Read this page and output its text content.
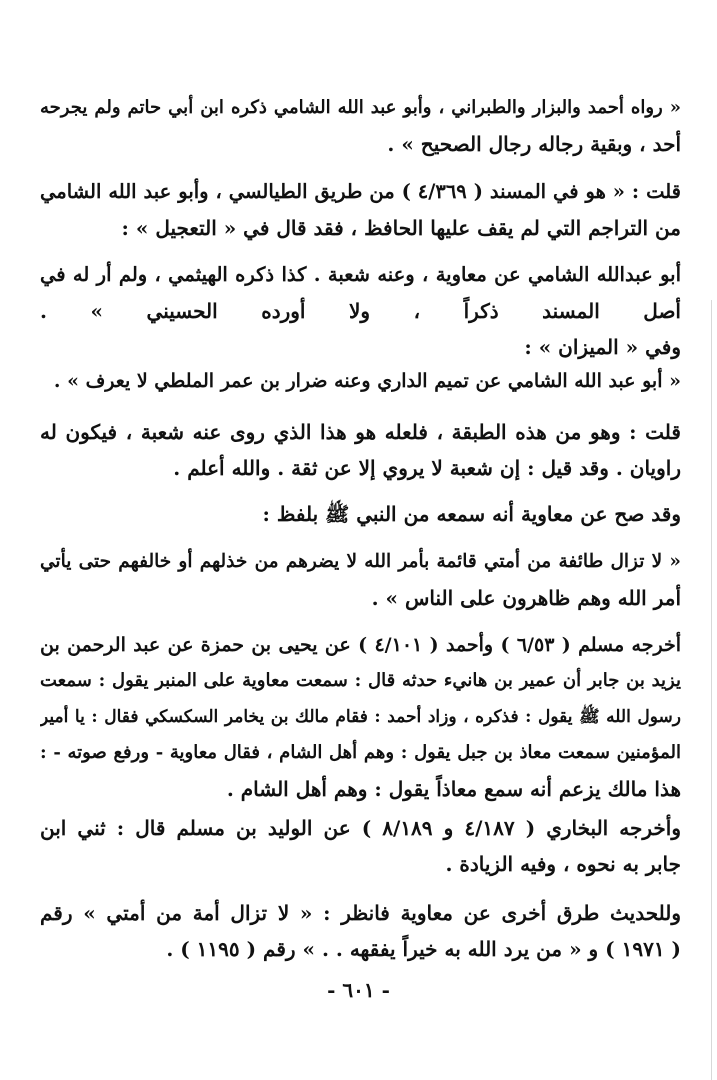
« رواه أحمد والبزار والطبراني ، وأبو عبد الله الشامي ذكره ابن أبي حاتم ولم يجرحه
أحد ، وبقية رجاله رجال الصحيح » .
قلت : « هو في المسند ( ٤/٣٦٩ ) من طريق الطيالسي ، وأبو عبد الله الشامي
من التراجم التي لم يقف عليها الحافظ ، فقد قال في « التعجيل » :
أبو عبدالله الشامي عن معاوية ، وعنه شعبة . كذا ذكره الهيثمي ، ولم أر له في
أصل المسند ذكراً ، ولا أورده الحسيني » .
وفي « الميزان » :
« أبو عبد الله الشامي عن تميم الداري وعنه ضرار بن عمر الملطي لا يعرف » .
قلت : وهو من هذه الطبقة ، فلعله هو هذا الذي روى عنه شعبة ، فيكون له
راويان . وقد قيل : إن شعبة لا يروي إلا عن ثقة . والله أعلم .
وقد صح عن معاوية أنه سمعه من النبي ﷺ بلفظ :
« لا تزال طائفة من أمتي قائمة بأمر الله لا يضرهم من خذلهم أو خالفهم حتى يأتي
أمر الله وهم ظاهرون على الناس » .
أخرجه مسلم ( ٦/٥٣ ) وأحمد ( ٤/١٠١ ) عن يحيى بن حمزة عن عبد الرحمن بن
يزيد بن جابر أن عمير بن هانيء حدثه قال : سمعت معاوية على المنبر يقول : سمعت
رسول الله ﷺ يقول : فذكره ، وزاد أحمد : فقام مالك بن يخامر السكسكي فقال : يا أمير
المؤمنين سمعت معاذ بن جبل يقول : وهم أهل الشام ، فقال معاوية - ورفع صوته - :
هذا مالك يزعم أنه سمع معاذاً يقول : وهم أهل الشام .
وأخرجه البخاري ( ٤/١٨٧ و ٨/١٨٩ ) عن الوليد بن مسلم قال : ثني ابن
جابر به نحوه ، وفيه الزيادة .
وللحديث طرق أخرى عن معاوية فانظر : « لا تزال أمة من أمتي » رقم
( ١٩٧١ ) و « من يرد الله به خيراً يفقهه . . » رقم ( ١١٩٥ ) .
- ٦٠١ -
